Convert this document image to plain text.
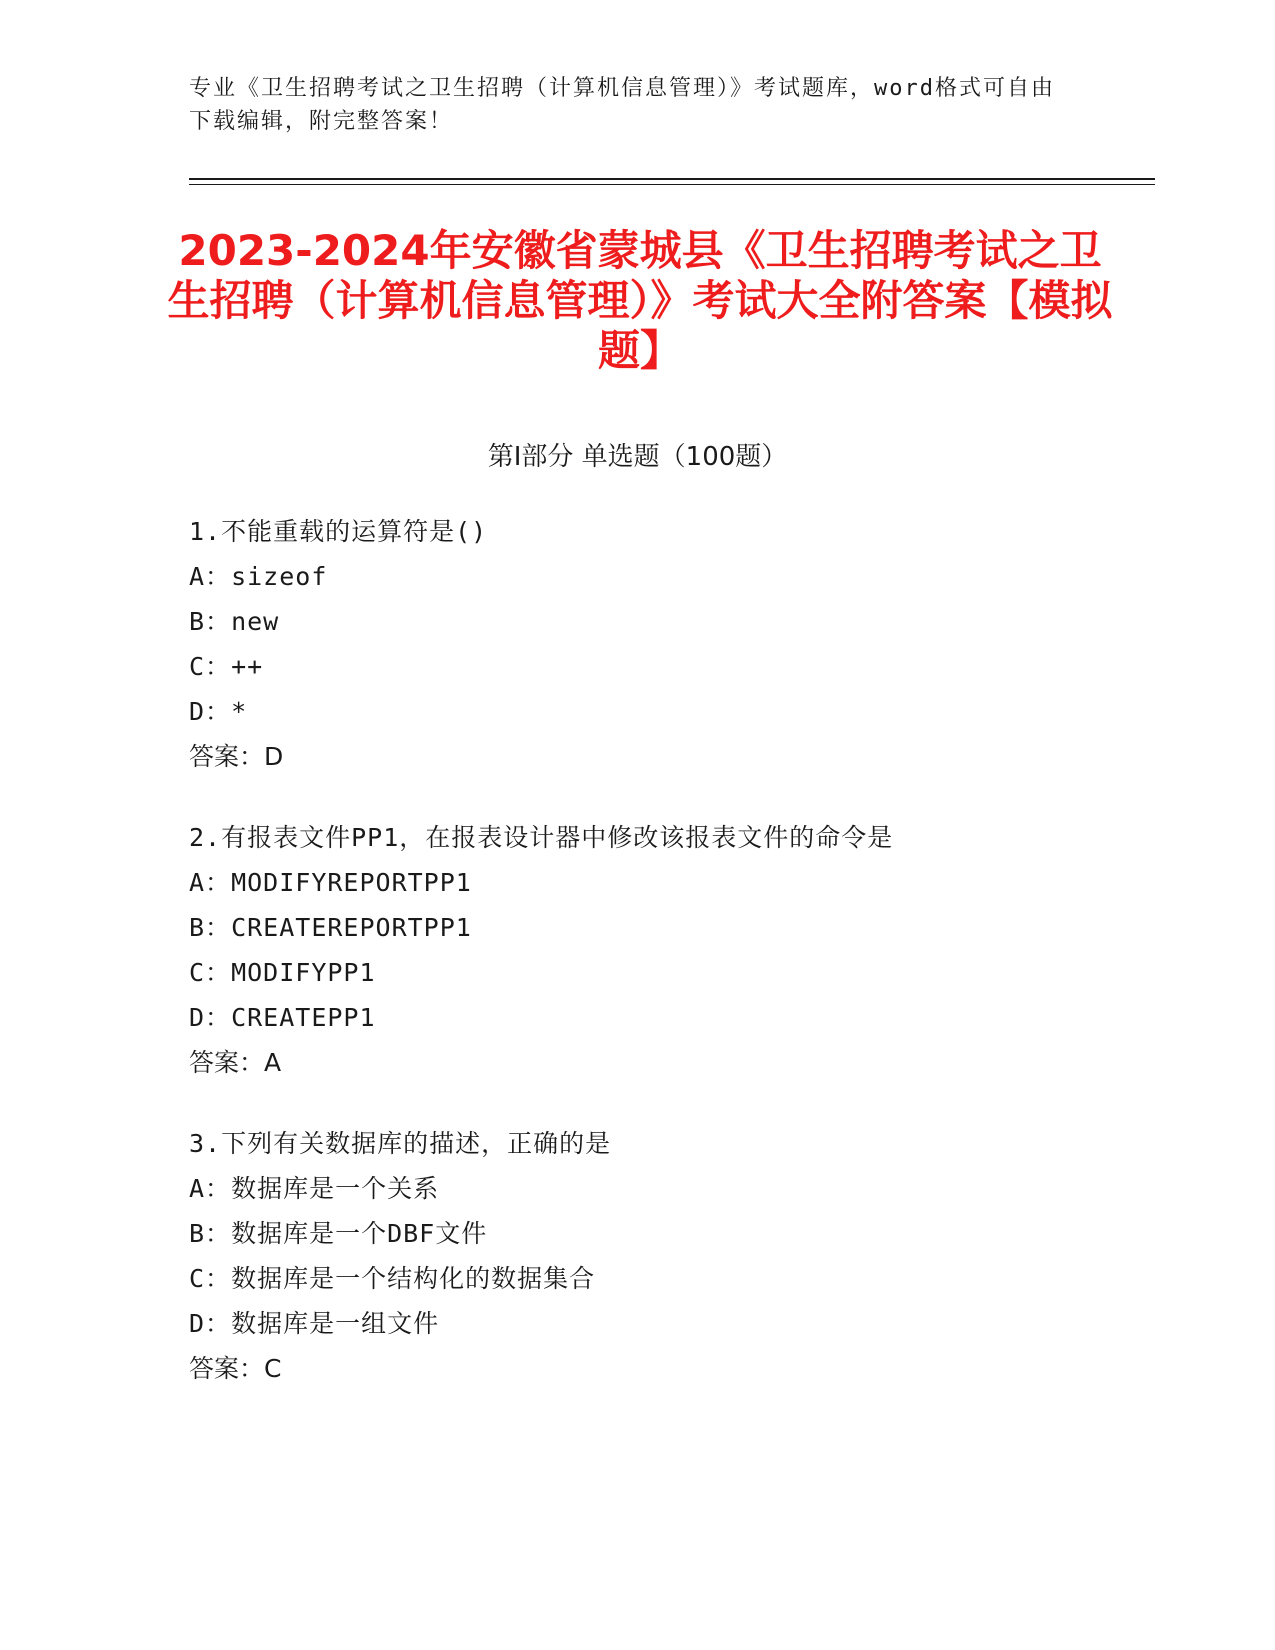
专业《卫生招聘考试之卫生招聘（计算机信息管理）》考试题库，word格式可自由下载编辑，附完整答案！
2023-2024年安徽省蒙城县《卫生招聘考试之卫生招聘（计算机信息管理）》考试大全附答案【模拟题】
第I部分 单选题（100题）
1.不能重载的运算符是()
A：sizeof
B：new
C：++
D：*
答案：D
2.有报表文件PP1，在报表设计器中修改该报表文件的命令是
A：MODIFYREPORTPP1
B：CREATEREPORTPP1
C：MODIFYPP1
D：CREATEPP1
答案：A
3.下列有关数据库的描述，正确的是
A：数据库是一个关系
B：数据库是一个DBF文件
C：数据库是一个结构化的数据集合
D：数据库是一组文件
答案：C
